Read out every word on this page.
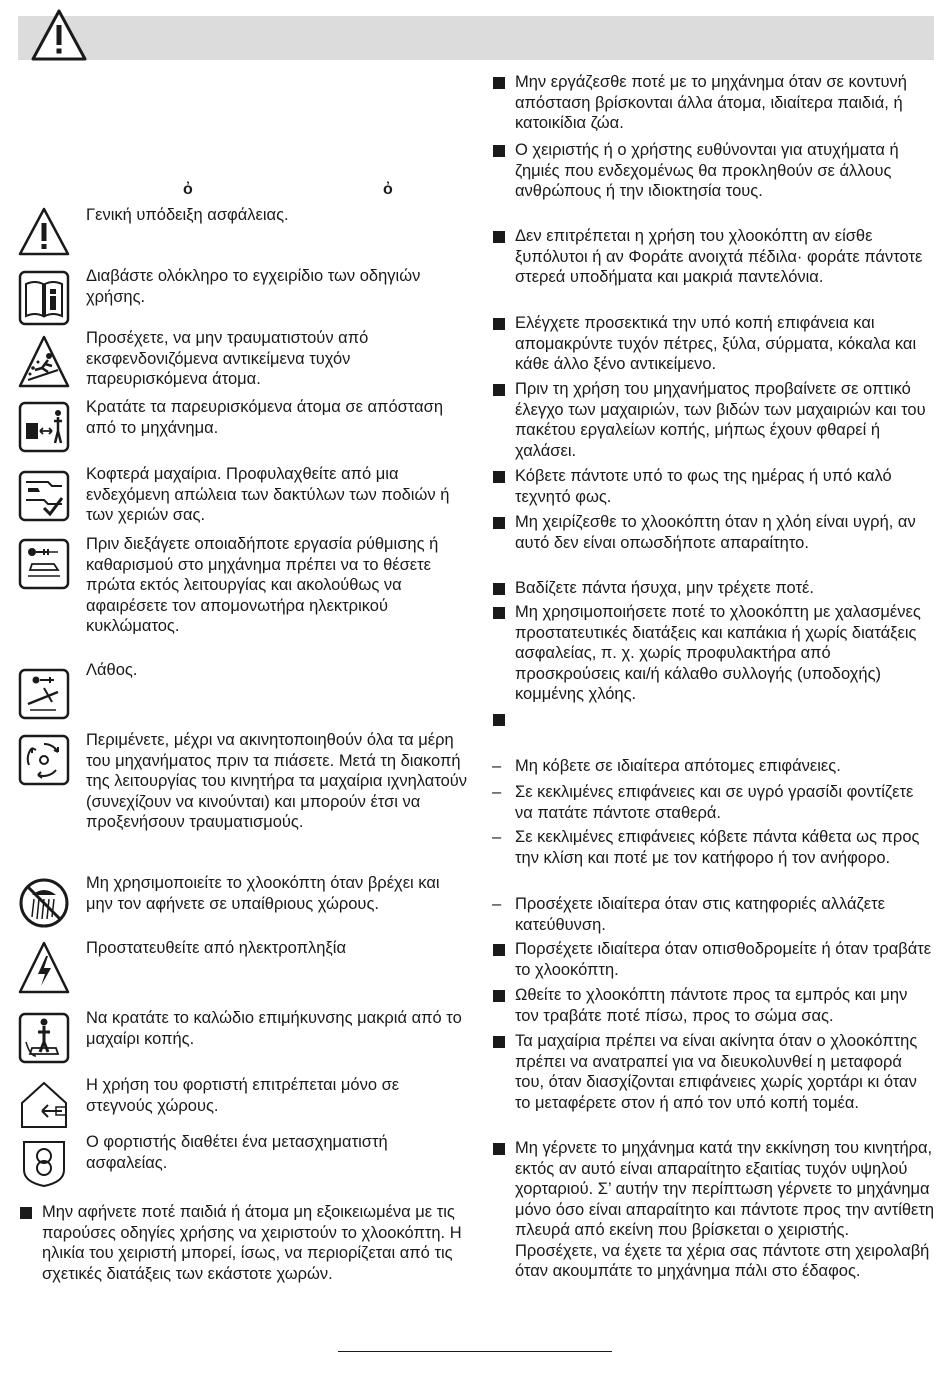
ὀ	ὀ
Γενική υπόδειξη ασφάλειας.
Διαβάστε ολόκληρο το εγχειρίδιο των οδηγιών χρήσης.
Προσέχετε, να μην τραυματιστούν από εκσφενδονιζόμενα αντικείμενα τυχόν παρευρισκόμενα άτομα.
Κρατάτε τα παρευρισκόμενα άτομα σε απόσταση από το μηχάνημα.
Κοφτερά μαχαίρια. Προφυλαχθείτε από μια ενδεχόμενη απώλεια των δακτύλων των ποδιών ή των χεριών σας.
Πριν διεξάγετε οποιαδήποτε εργασία ρύθμισης ή καθαρισμού στο μηχάνημα πρέπει να το θέσετε πρώτα εκτός λειτουργίας και ακολούθως να αφαιρέσετε τον απομονωτήρα ηλεκτρικού κυκλώματος.
Λάθος.
Περιμένετε, μέχρι να ακινητοποιηθούν όλα τα μέρη του μηχανήματος πριν τα πιάσετε. Μετά τη διακοπή της λειτουργίας του κινητήρα τα μαχαίρια ιχνηλατούν (συνεχίζουν να κινούνται) και μπορούν έτσι να προξενήσουν τραυματισμούς.
Μη χρησιμοποιείτε το χλοοκόπτη όταν βρέχει και μην τον αφήνετε σε υπαίθριους χώρους.
Προστατευθείτε από ηλεκτροπληξία
Να κρατάτε το καλώδιο επιμήκυνσης μακριά από το μαχαίρι κοπής.
Η χρήση του φορτιστή επιτρέπεται μόνο σε στεγνούς χώρους.
Ο φορτιστής διαθέτει ένα μετασχηματιστή ασφαλείας.
Μην αφήνετε ποτέ παιδιά ή άτομα μη εξοικειωμένα με τις παρούσες οδηγίες χρήσης να χειριστούν το χλοοκόπτη. Η ηλικία του χειριστή μπορεί, ίσως, να περιορίζεται από τις σχετικές διατάξεις των εκάστοτε χωρών.
Μην εργάζεσθε ποτέ με το μηχάνημα όταν σε κοντυνή απόσταση βρίσκονται άλλα άτομα, ιδιαίτερα παιδιά, ή κατοικίδια ζώα.
Ο χειριστής ή ο χρήστης ευθύνονται για ατυχήματα ή ζημιές που ενδεχομένως θα προκληθούν σε άλλους ανθρώπους ή την ιδιοκτησία τους.
Δεν επιτρέπεται η χρήση του χλοοκόπτη αν είσθε ξυπόλυτοι ή αν Φοράτε ανοιχτά πέδιλα· φοράτε πάντοτε στερεά υποδήματα και μακριά παντελόνια.
Ελέγχετε προσεκτικά την υπό κοπή επιφάνεια και απομακρύντε τυχόν πέτρες, ξύλα, σύρματα, κόκαλα και κάθε άλλο ξένο αντικείμενο.
Πριν τη χρήση του μηχανήματος προβαίνετε σε οπτικό έλεγχο των μαχαιριών, των βιδών των μαχαιριών και του πακέτου εργαλείων κοπής, μήπως έχουν φθαρεί ή χαλάσει.
Κόβετε πάντοτε υπό το φως της ημέρας ή υπό καλό τεχνητό φως.
Μη χειρίζεσθε το χλοοκόπτη όταν η χλόη είναι υγρή, αν αυτό δεν είναι οπωσδήποτε απαραίτητο.
Βαδίζετε πάντα ήσυχα, μην τρέχετε ποτέ.
Μη χρησιμοποιήσετε ποτέ το χλοοκόπτη με χαλασμένες προστατευτικές διατάξεις και καπάκια ή χωρίς διατάξεις ασφαλείας, π. χ. χωρίς προφυλακτήρα από προσκρούσεις και/ή κάλαθο συλλογής (υποδοχής) κομμένης χλόης.
– Μη κόβετε σε ιδιαίτερα απότομες επιφάνειες.
– Σε κεκλιμένες επιφάνειες και σε υγρό γρασίδι φοντίζετε να πατάτε πάντοτε σταθερά.
– Σε κεκλιμένες επιφάνειες κόβετε πάντα κάθετα ως προς την κλίση και ποτέ με τον κατήφορο ή τον ανήφορο.
– Προσέχετε ιδιαίτερα όταν στις κατηφοριές αλλάζετε κατεύθυνση.
Πορσέχετε ιδιαίτερα όταν οπισθοδρομείτε ή όταν τραβάτε το χλοοκόπτη.
Ωθείτε το χλοοκόπτη πάντοτε προς τα εμπρός και μην τον τραβάτε ποτέ πίσω, προς το σώμα σας.
Τα μαχαίρια πρέπει να είναι ακίνητα όταν ο χλοοκόπτης πρέπει να ανατραπεί για να διευκολυνθεί η μεταφορά του, όταν διασχίζονται επιφάνειες χωρίς χορτάρι κι όταν το μεταφέρετε στον ή από τον υπό κοπή τομέα.
Μη γέρνετε το μηχάνημα κατά την εκκίνηση του κινητήρα, εκτός αν αυτό είναι απαραίτητο εξαιτίας τυχόν υψηλού χορταριού. Σ’ αυτήν την περίπτωση γέρνετε το μηχάνημα μόνο όσο είναι απαραίτητο και πάντοτε προς την αντίθετη πλευρά από εκείνη που βρίσκεται ο χειριστής. Προσέχετε, να έχετε τα χέρια σας πάντοτε στη χειρολαβή όταν ακουμπάτε το μηχάνημα πάλι στο έδαφος.
